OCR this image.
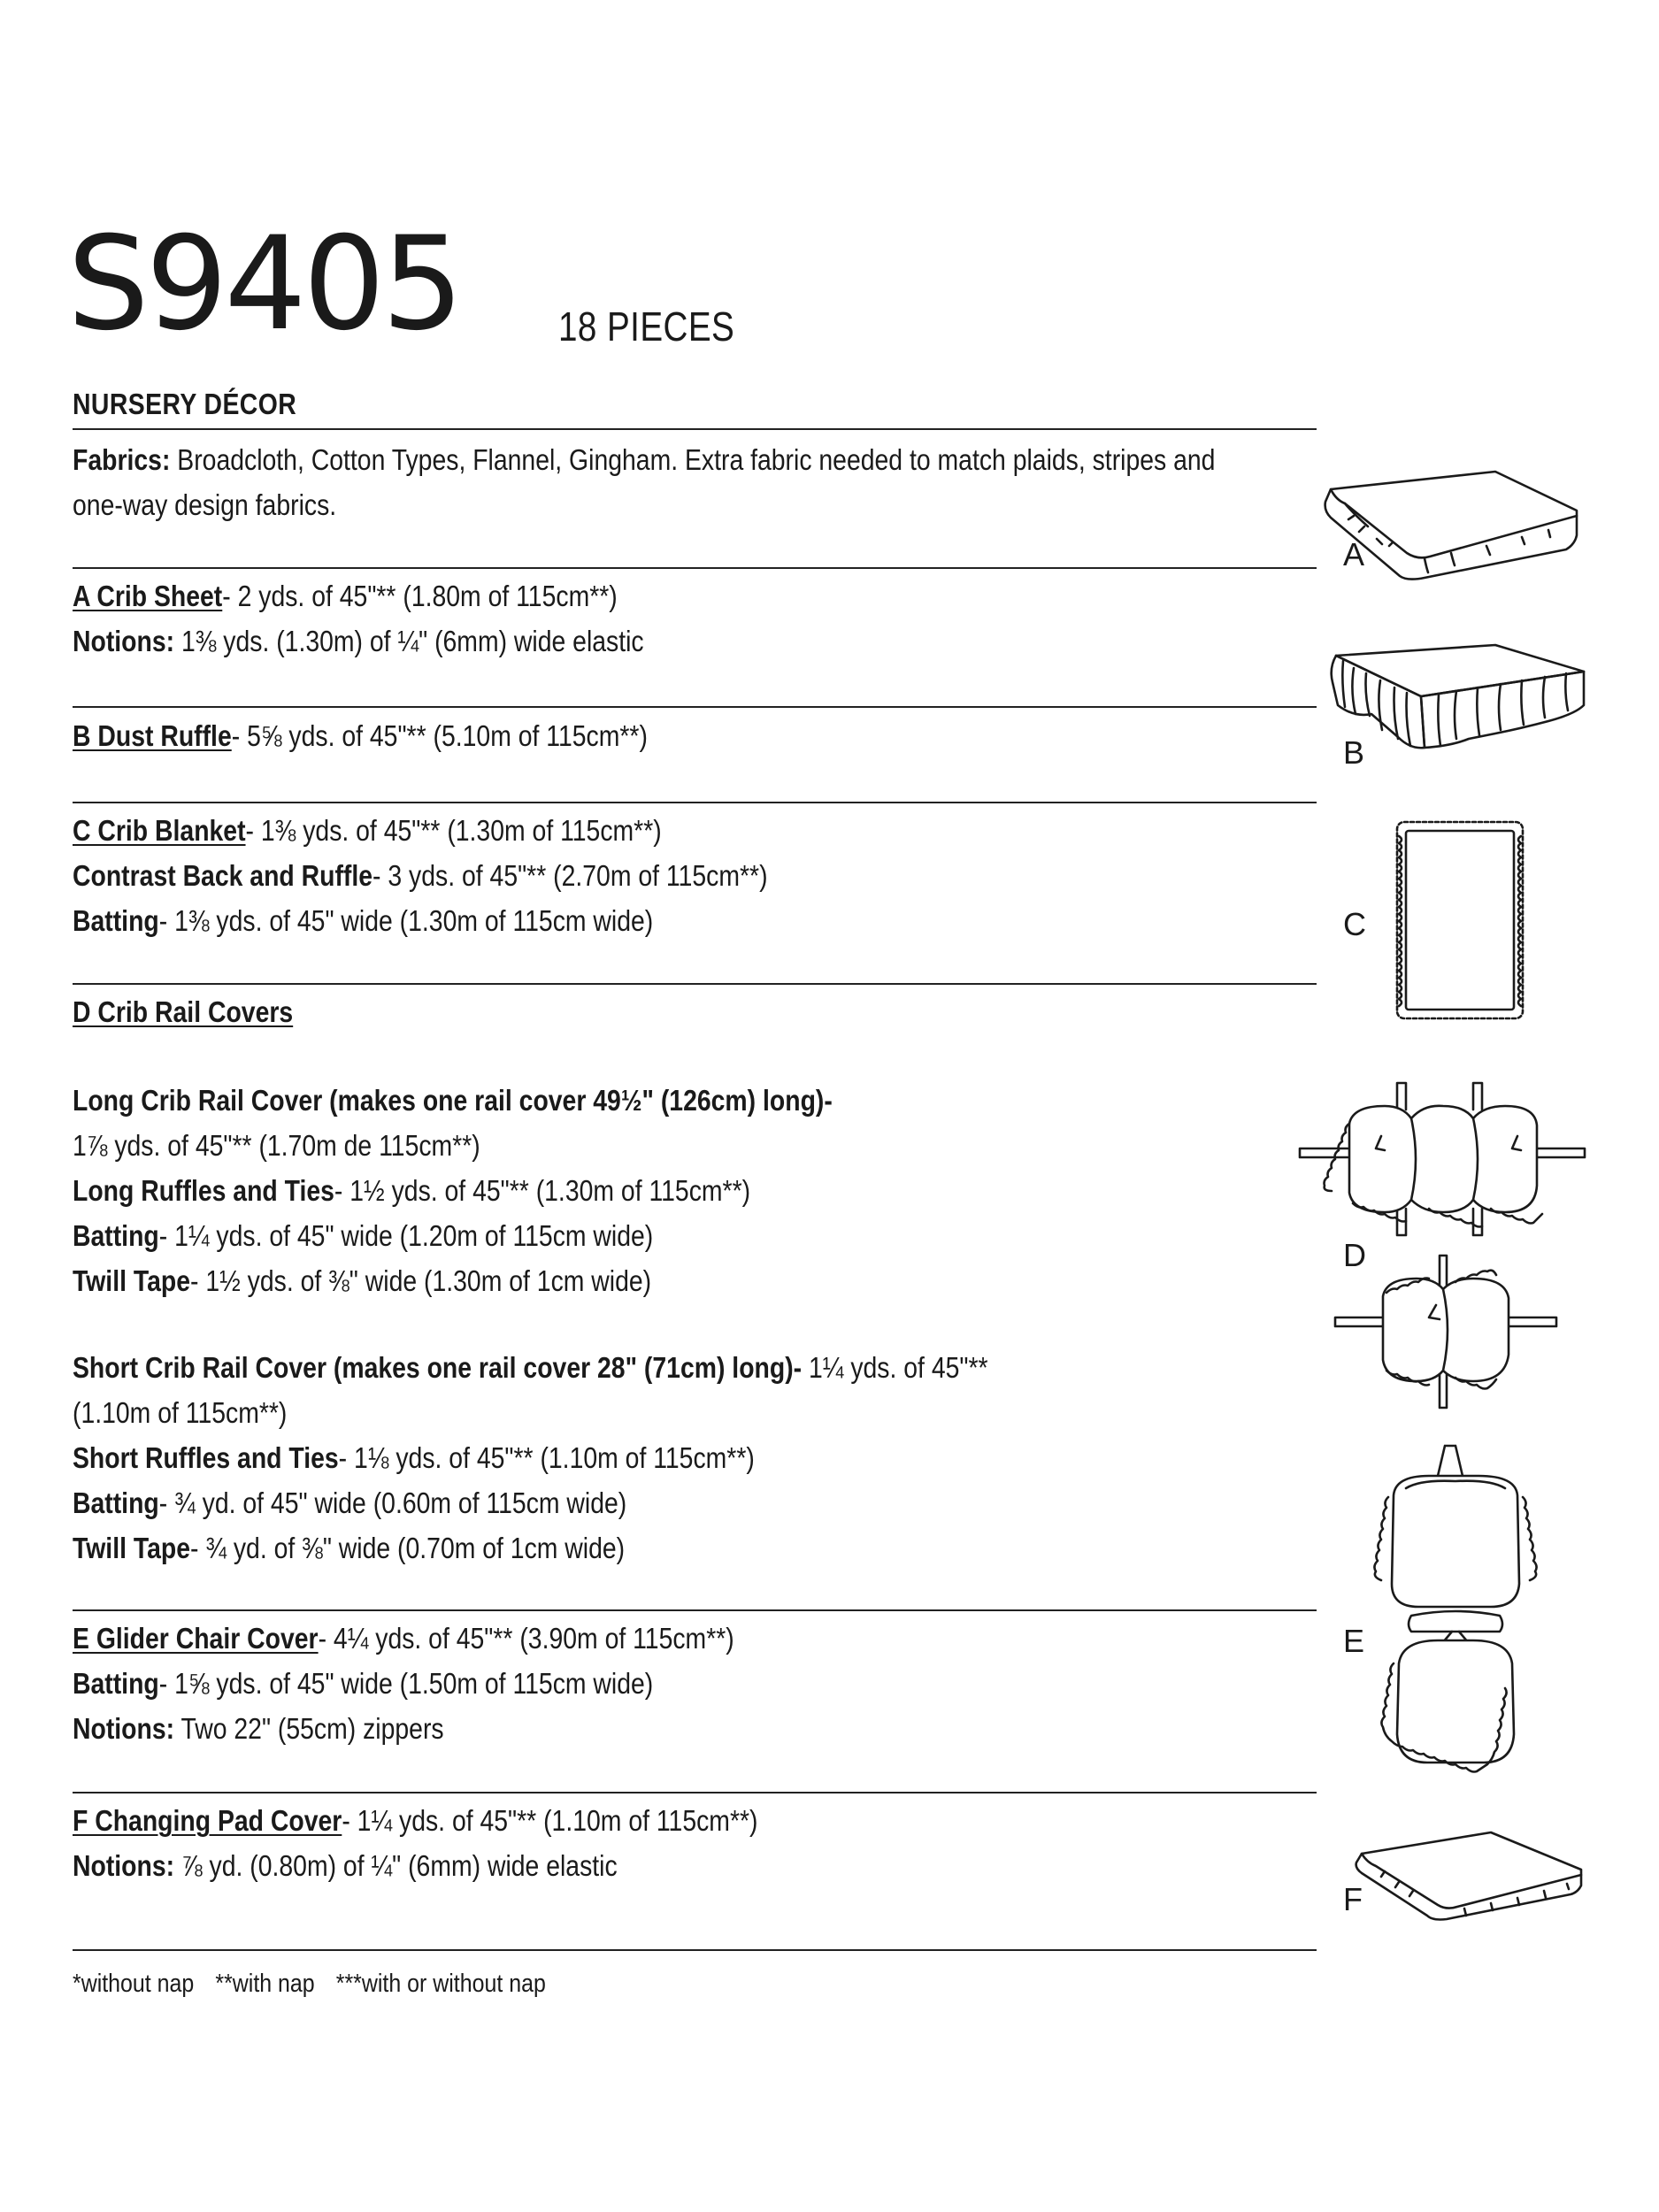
S9405 18 PIECES
NURSERY DÉCOR
Fabrics: Broadcloth, Cotton Types, Flannel, Gingham. Extra fabric needed to match plaids, stripes and
one-way design fabrics.
A Crib Sheet- 2 yds. of 45"** (1.80m of 115cm**)
Notions: 1⅜ yds. (1.30m) of ¼" (6mm) wide elastic
B Dust Ruffle- 5⅝ yds. of 45"** (5.10m of 115cm**)
C Crib Blanket- 1⅜ yds. of 45"** (1.30m of 115cm**)
Contrast Back and Ruffle- 3 yds. of 45"** (2.70m of 115cm**)
Batting- 1⅜ yds. of 45" wide (1.30m of 115cm wide)
D Crib Rail Covers
Long Crib Rail Cover (makes one rail cover 49½" (126cm) long)-
1⅞ yds. of 45"** (1.70m de 115cm**)
Long Ruffles and Ties- 1½ yds. of 45"** (1.30m of 115cm**)
Batting- 1¼ yds. of 45" wide (1.20m of 115cm wide)
Twill Tape- 1½ yds. of ⅜" wide (1.30m of 1cm wide)
Short Crib Rail Cover (makes one rail cover 28" (71cm) long)- 1¼ yds. of 45"**
(1.10m of 115cm**)
Short Ruffles and Ties- 1⅛ yds. of 45"** (1.10m of 115cm**)
Batting- ¾ yd. of 45" wide (0.60m of 115cm wide)
Twill Tape- ¾ yd. of ⅜" wide (0.70m of 1cm wide)
E Glider Chair Cover- 4¼ yds. of 45"** (3.90m of 115cm**)
Batting- 1⅝ yds. of 45" wide (1.50m of 115cm wide)
Notions: Two 22" (55cm) zippers
F Changing Pad Cover- 1¼ yds. of 45"** (1.10m of 115cm**)
Notions: ⅞ yd. (0.80m) of ¼" (6mm) wide elastic
*without nap **with nap ***with or without nap
A
B
C
D
E
F
